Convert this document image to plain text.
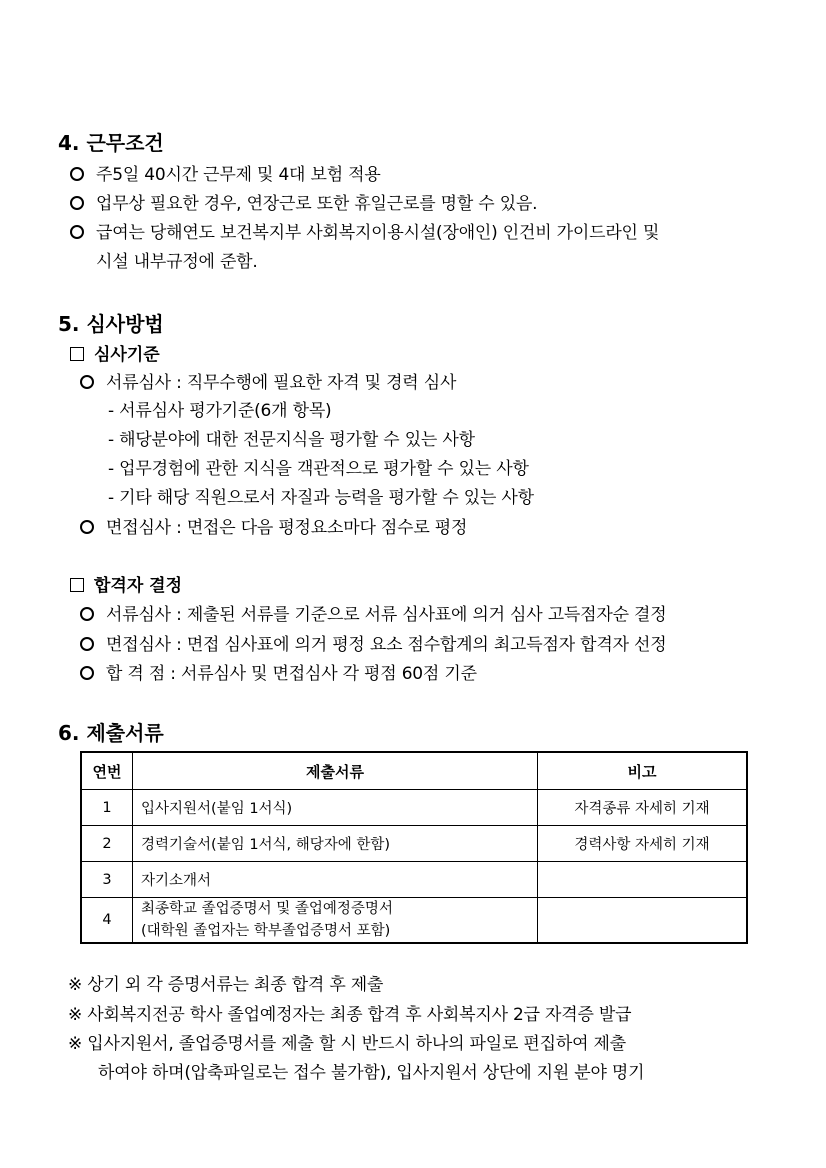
4. 근무조건
주5일 40시간 근무제 및 4대 보험 적용
업무상 필요한 경우, 연장근로 또한 휴일근로를 명할 수 있음.
급여는 당해연도 보건복지부 사회복지이용시설(장애인) 인건비 가이드라인 및
시설 내부규정에 준함.
5. 심사방법
심사기준
서류심사 : 직무수행에 필요한 자격 및 경력 심사
- 서류심사 평가기준(6개 항목)
- 해당분야에 대한 전문지식을 평가할 수 있는 사항
- 업무경험에 관한 지식을 객관적으로 평가할 수 있는 사항
- 기타 해당 직원으로서 자질과 능력을 평가할 수 있는 사항
면접심사 : 면접은 다음 평정요소마다 점수로 평정
합격자 결정
서류심사 : 제출된 서류를 기준으로 서류 심사표에 의거 심사 고득점자순 결정
면접심사 : 면접 심사표에 의거 평정 요소 점수합계의 최고득점자 합격자 선정
합 격 점 : 서류심사 및 면접심사 각 평점 60점 기준
6. 제출서류
연번	제출서류	비고
1	입사지원서(붙임 1서식)	자격종류 자세히 기재
2	경력기술서(붙임 1서식, 해당자에 한함)	경력사항 자세히 기재
3	자기소개서	
4	최종학교 졸업증명서 및 졸업예정증명서
(대학원 졸업자는 학부졸업증명서 포함)	

※ 상기 외 각 증명서류는 최종 합격 후 제출
※ 사회복지전공 학사 졸업예정자는 최종 합격 후 사회복지사 2급 자격증 발급
※ 입사지원서, 졸업증명서를 제출 할 시 반드시 하나의 파일로 편집하여 제출
하여야 하며(압축파일로는 접수 불가함), 입사지원서 상단에 지원 분야 명기
